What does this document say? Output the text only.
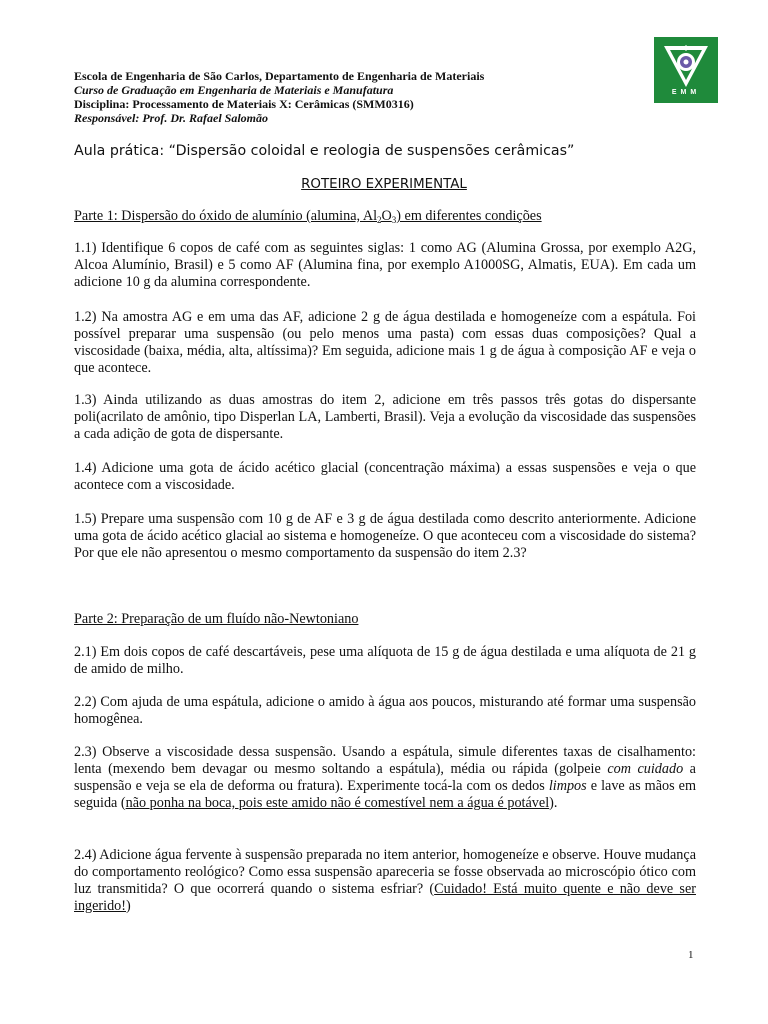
Escola de Engenharia de São Carlos, Departamento de Engenharia de Materiais
Curso de Graduação em Engenharia de Materiais e Manufatura
Disciplina: Processamento de Materiais X: Cerâmicas (SMM0316)
Responsável: Prof. Dr. Rafael Salomão
EMM
Aula prática: “Dispersão coloidal e reologia de suspensões cerâmicas”
ROTEIRO EXPERIMENTAL
Parte 1: Dispersão do óxido de alumínio (alumina, $Al_2O_3$) em diferentes condições
1.1) Identifique 6 copos de café com as seguintes siglas: 1 como AG (Alumina Grossa, por exemplo A2G, Alcoa Alumínio, Brasil) e 5 como AF (Alumina fina, por exemplo A1000SG, Almatis, EUA). Em cada um adicione 10 g da alumina correspondente.
1.2) Na amostra AG e em uma das AF, adicione 2 g de água destilada e homogeneíze com a espátula. Foi possível preparar uma suspensão (ou pelo menos uma pasta) com essas duas composições? Qual a viscosidade (baixa, média, alta, altíssima)? Em seguida, adicione mais 1 g de água à composição AF e veja o que acontece.
1.3) Ainda utilizando as duas amostras do item 2, adicione em três passos três gotas do dispersante poli(acrilato de amônio, tipo Disperlan LA, Lamberti, Brasil). Veja a evolução da viscosidade das suspensões a cada adição de gota de dispersante.
1.4) Adicione uma gota de ácido acético glacial (concentração máxima) a essas suspensões e veja o que acontece com a viscosidade.
1.5) Prepare uma suspensão com 10 g de AF e 3 g de água destilada como descrito anteriormente. Adicione uma gota de ácido acético glacial ao sistema e homogeneíze. O que aconteceu com a viscosidade do sistema? Por que ele não apresentou o mesmo comportamento da suspensão do item 2.3?
Parte 2: Preparação de um fluído não-Newtoniano
2.1) Em dois copos de café descartáveis, pese uma alíquota de 15 g de água destilada e uma alíquota de 21 g de amido de milho.
2.2) Com ajuda de uma espátula, adicione o amido à água aos poucos, misturando até formar uma suspensão homogênea.
2.3) Observe a viscosidade dessa suspensão. Usando a espátula, simule diferentes taxas de cisalhamento: lenta (mexendo bem devagar ou mesmo soltando a espátula), média ou rápida (golpeie com cuidado a suspensão e veja se ela de deforma ou fratura). Experimente tocá-la com os dedos limpos e lave as mãos em seguida (não ponha na boca, pois este amido não é comestível nem a água é potável).
2.4) Adicione água fervente à suspensão preparada no item anterior, homogeneíze e observe. Houve mudança do comportamento reológico? Como essa suspensão apareceria se fosse observada ao microscópio ótico com luz transmitida? O que ocorrerá quando o sistema esfriar? (Cuidado! Está muito quente e não deve ser ingerido!)
1
